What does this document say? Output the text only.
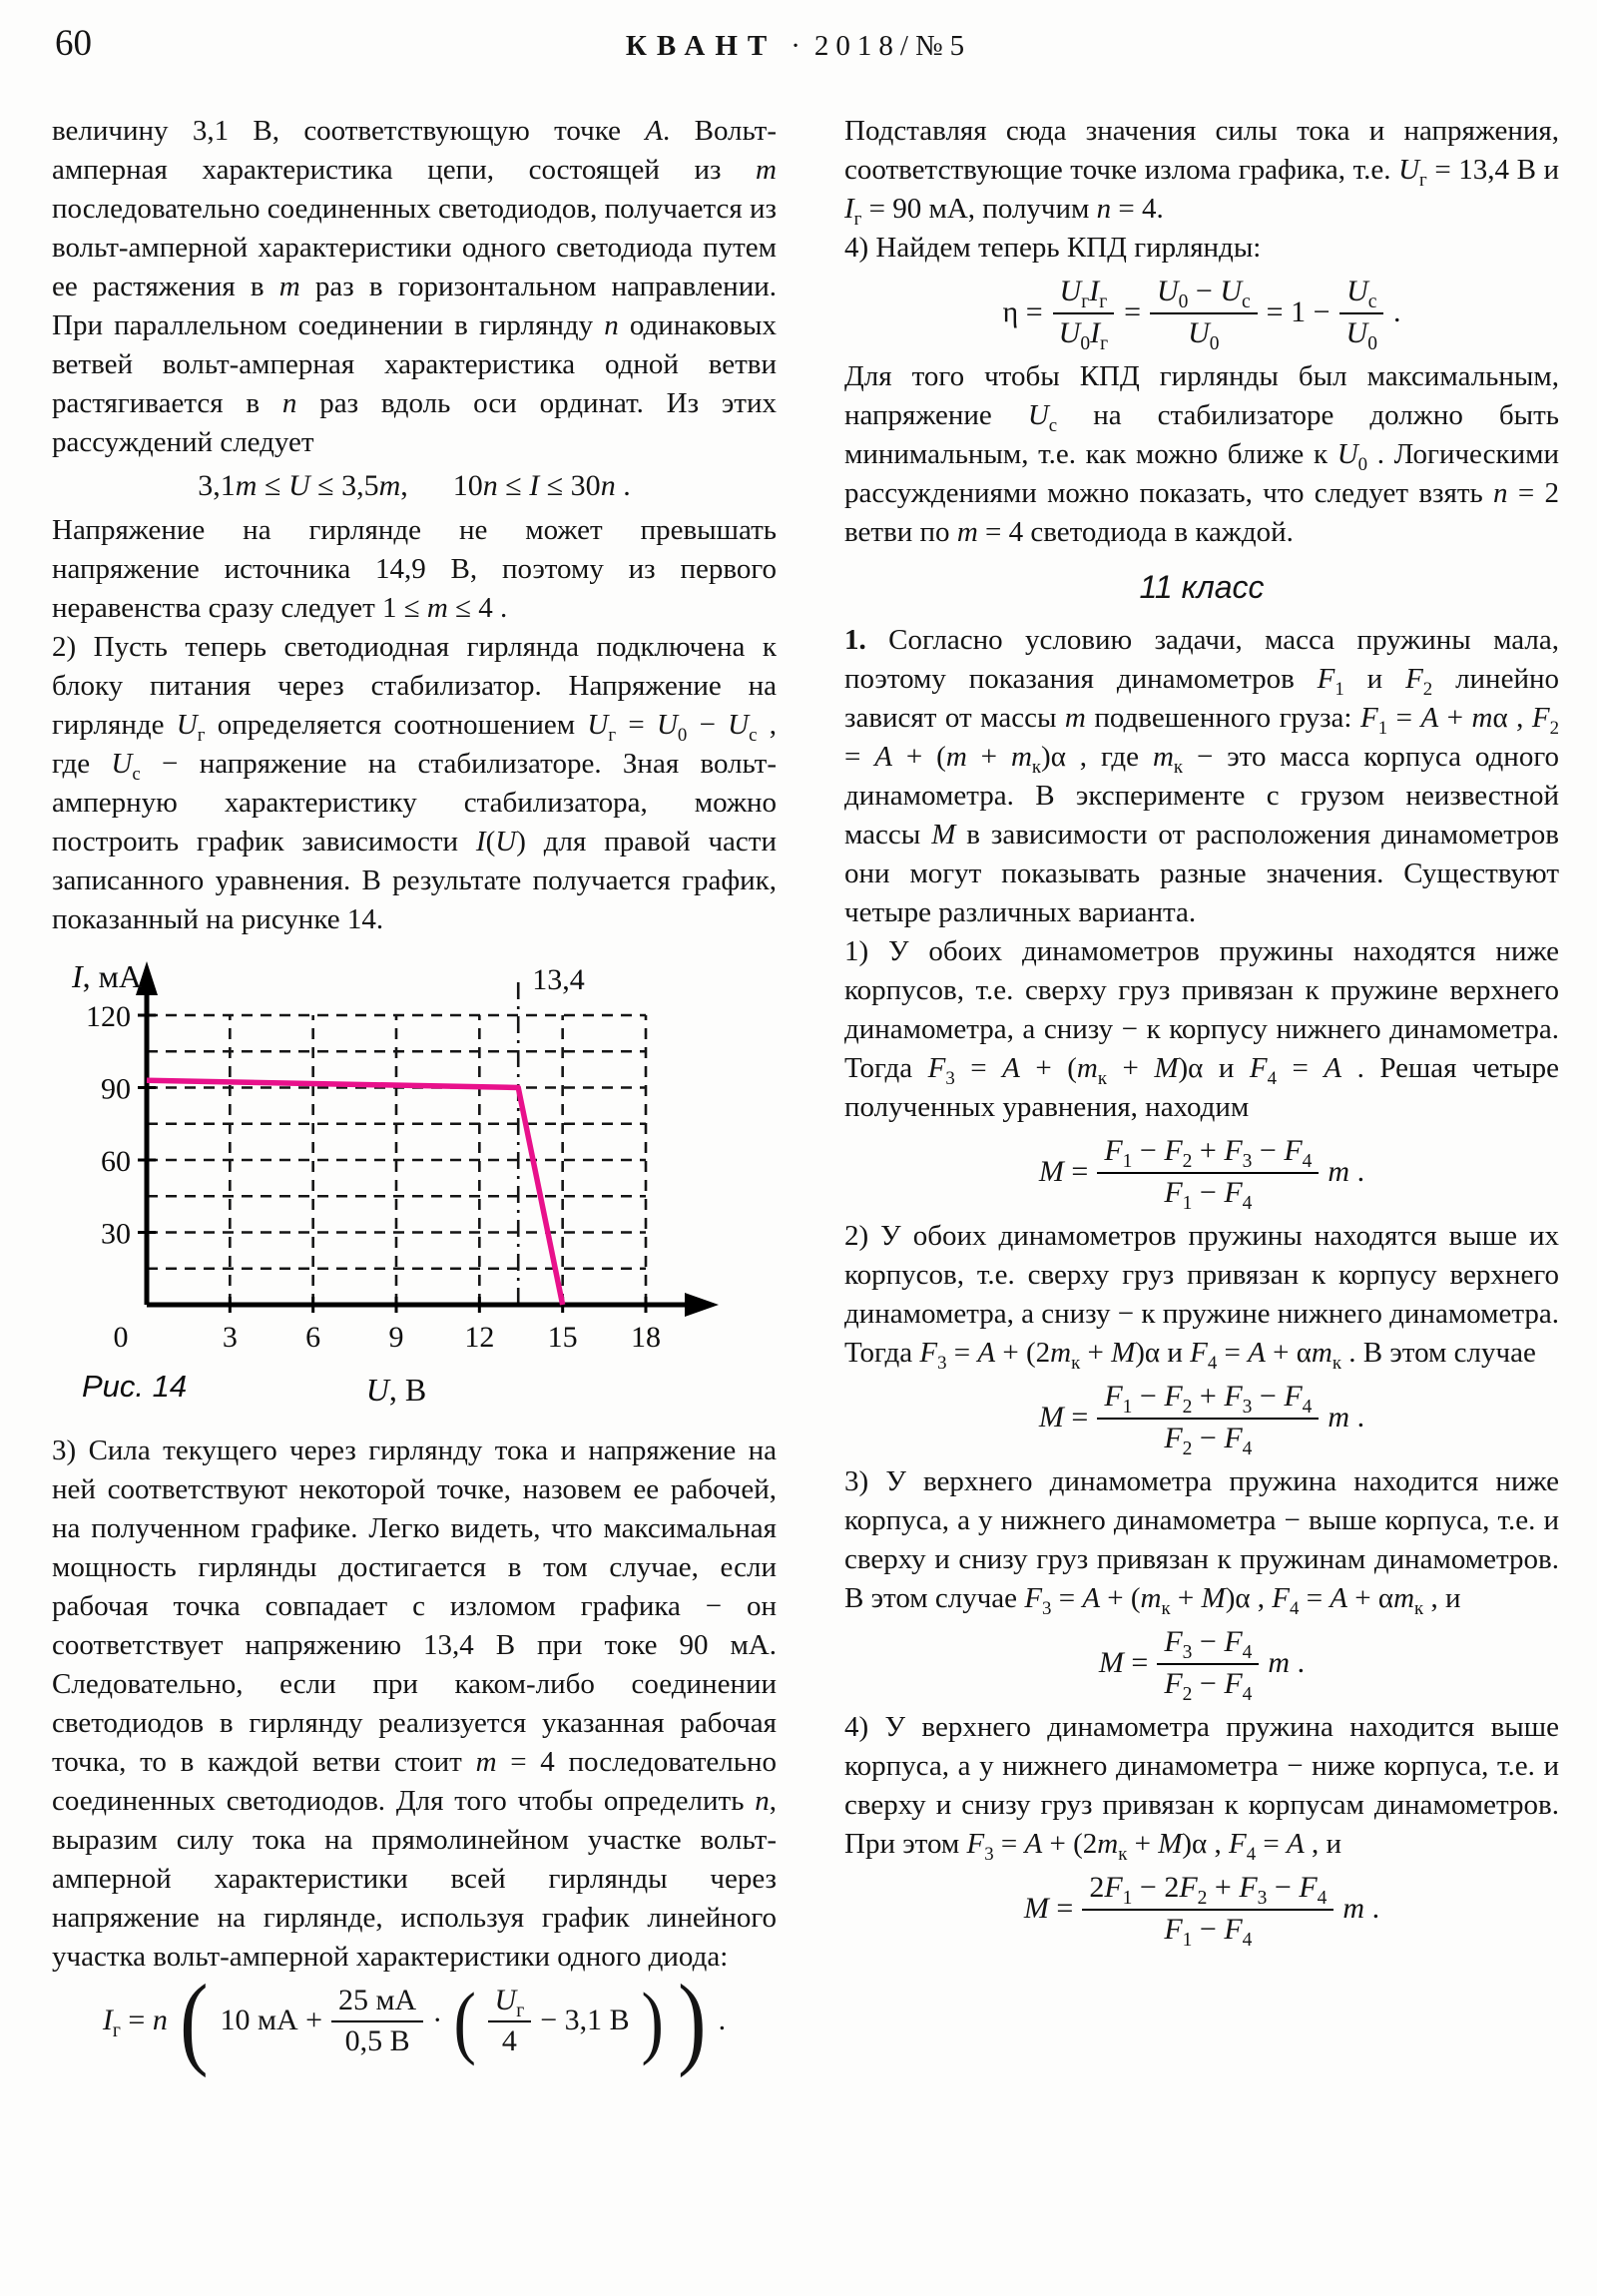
60	КВАНТ · 2018/№5

величину 3,1 В, соответствующую точке A. Вольт-амперная характеристика цепи, состоящей из m последовательно соединенных светодиодов, получается из вольт-амперной характеристики одного светодиода путем ее растяжения в m раз в горизонтальном направлении. При параллельном соединении в гирлянду n одинаковых ветвей вольт-амперная характеристика одной ветви растягивается в n раз вдоль оси ординат. Из этих рассуждений следует

3,1m ≤ U ≤ 3,5m,   10n ≤ I ≤ 30n .

Напряжение на гирлянде не может превышать напряжение источника 14,9 В, поэтому из первого неравенства сразу следует 1 ≤ m ≤ 4 .

2) Пусть теперь светодиодная гирлянда подключена к блоку питания через стабилизатор. Напряжение на гирлянде $U_г$ определяется соотношением $U_г = U_0 - U_с$ , где $U_с$ − напряжение на стабилизаторе. Зная вольт-амперную характеристику стабилизатора, можно построить график зависимости I(U) для правой части записанного уравнения. В результате получается график, показанный на рисунке 14.

13,4
0	3 6 9 12 15 18
30
60
90
120
I, мА
U, В
Рис. 14

3) Сила текущего через гирлянду тока и напряжение на ней соответствуют некоторой точке, назовем ее рабочей, на полученном графике. Легко видеть, что максимальная мощность гирлянды достигается в том случае, если рабочая точка совпадает с изломом графика − он соответствует напряжению 13,4 В при токе 90 мА. Следовательно, если при каком-либо соединении светодиодов в гирлянду реализуется указанная рабочая точка, то в каждой ветви стоит m = 4 последовательно соединенных светодиодов. Для того чтобы определить n, выразим силу тока на прямолинейном участке вольт-амперной характеристики всей гирлянды через напряжение на гирлянде, используя график линейного участка вольт-амперной характеристики одного диода:

$I_г = n$ ( 10 мА + $\frac{25 мА}{0,5 В}$ · ( $\frac{U_г}{4} - 3,1$ В ) ) .

Подставляя сюда значения силы тока и напряжения, соответствующие точке излома графика, т.е. $U_г = 13,4$ В и $I_г = 90$ мА, получим n = 4.

4) Найдем теперь КПД гирлянды:

$\eta = \frac{U_гI_г}{U_0I_г} = \frac{U_0 - U_с}{U_0} = 1 - \frac{U_с}{U_0}$ .

Для того чтобы КПД гирлянды был максимальным, напряжение $U_с$ на стабилизаторе должно быть минимальным, т.е. как можно ближе к $U_0$ . Логическими рассуждениями можно показать, что следует взять n = 2 ветви по m = 4 светодиода в каждой.

11 класс

1. Согласно условию задачи, масса пружины мала, поэтому показания динамометров $F_1$ и $F_2$ линейно зависят от массы m подвешенного груза: $F_1 = A + m\alpha$ , $F_2 = A + (m + m_к)\alpha$ , где $m_к$ − это масса корпуса одного динамометра. В эксперименте с грузом неизвестной массы M в зависимости от расположения динамометров они могут показывать разные значения. Существуют четыре различных варианта.

1) У обоих динамометров пружины находятся ниже корпусов, т.е. сверху груз привязан к пружине верхнего динамометра, а снизу − к корпусу нижнего динамометра. Тогда $F_3 = A + (m_к + M)\alpha$ и $F_4 = A$ . Решая четыре полученных уравнения, находим

$M = \frac{F_1 - F_2 + F_3 - F_4}{F_1 - F_4}$ m .

2) У обоих динамометров пружины находятся выше их корпусов, т.е. сверху груз привязан к корпусу верхнего динамометра, а снизу − к пружине нижнего динамометра. Тогда $F_3 = A + (2m_к + M)\alpha$ и $F_4 = A + \alpha m_к$ . В этом случае

$M = \frac{F_1 - F_2 + F_3 - F_4}{F_2 - F_4}$ m .

3) У верхнего динамометра пружина находится ниже корпуса, а у нижнего динамометра − выше корпуса, т.е. и сверху и снизу груз привязан к пружинам динамометров. В этом случае $F_3 = A + (m_к + M)\alpha$ , $F_4 = A + \alpha m_к$ , и

$M = \frac{F_3 - F_4}{F_2 - F_4}$ m .

4) У верхнего динамометра пружина находится выше корпуса, а у нижнего динамометра − ниже корпуса, т.е. и сверху и снизу груз привязан к корпусам динамометров. При этом $F_3 = A + (2m_к + M)\alpha$ , $F_4 = A$ , и

$M = \frac{2F_1 - 2F_2 + F_3 - F_4}{F_1 - F_4}$ m .
